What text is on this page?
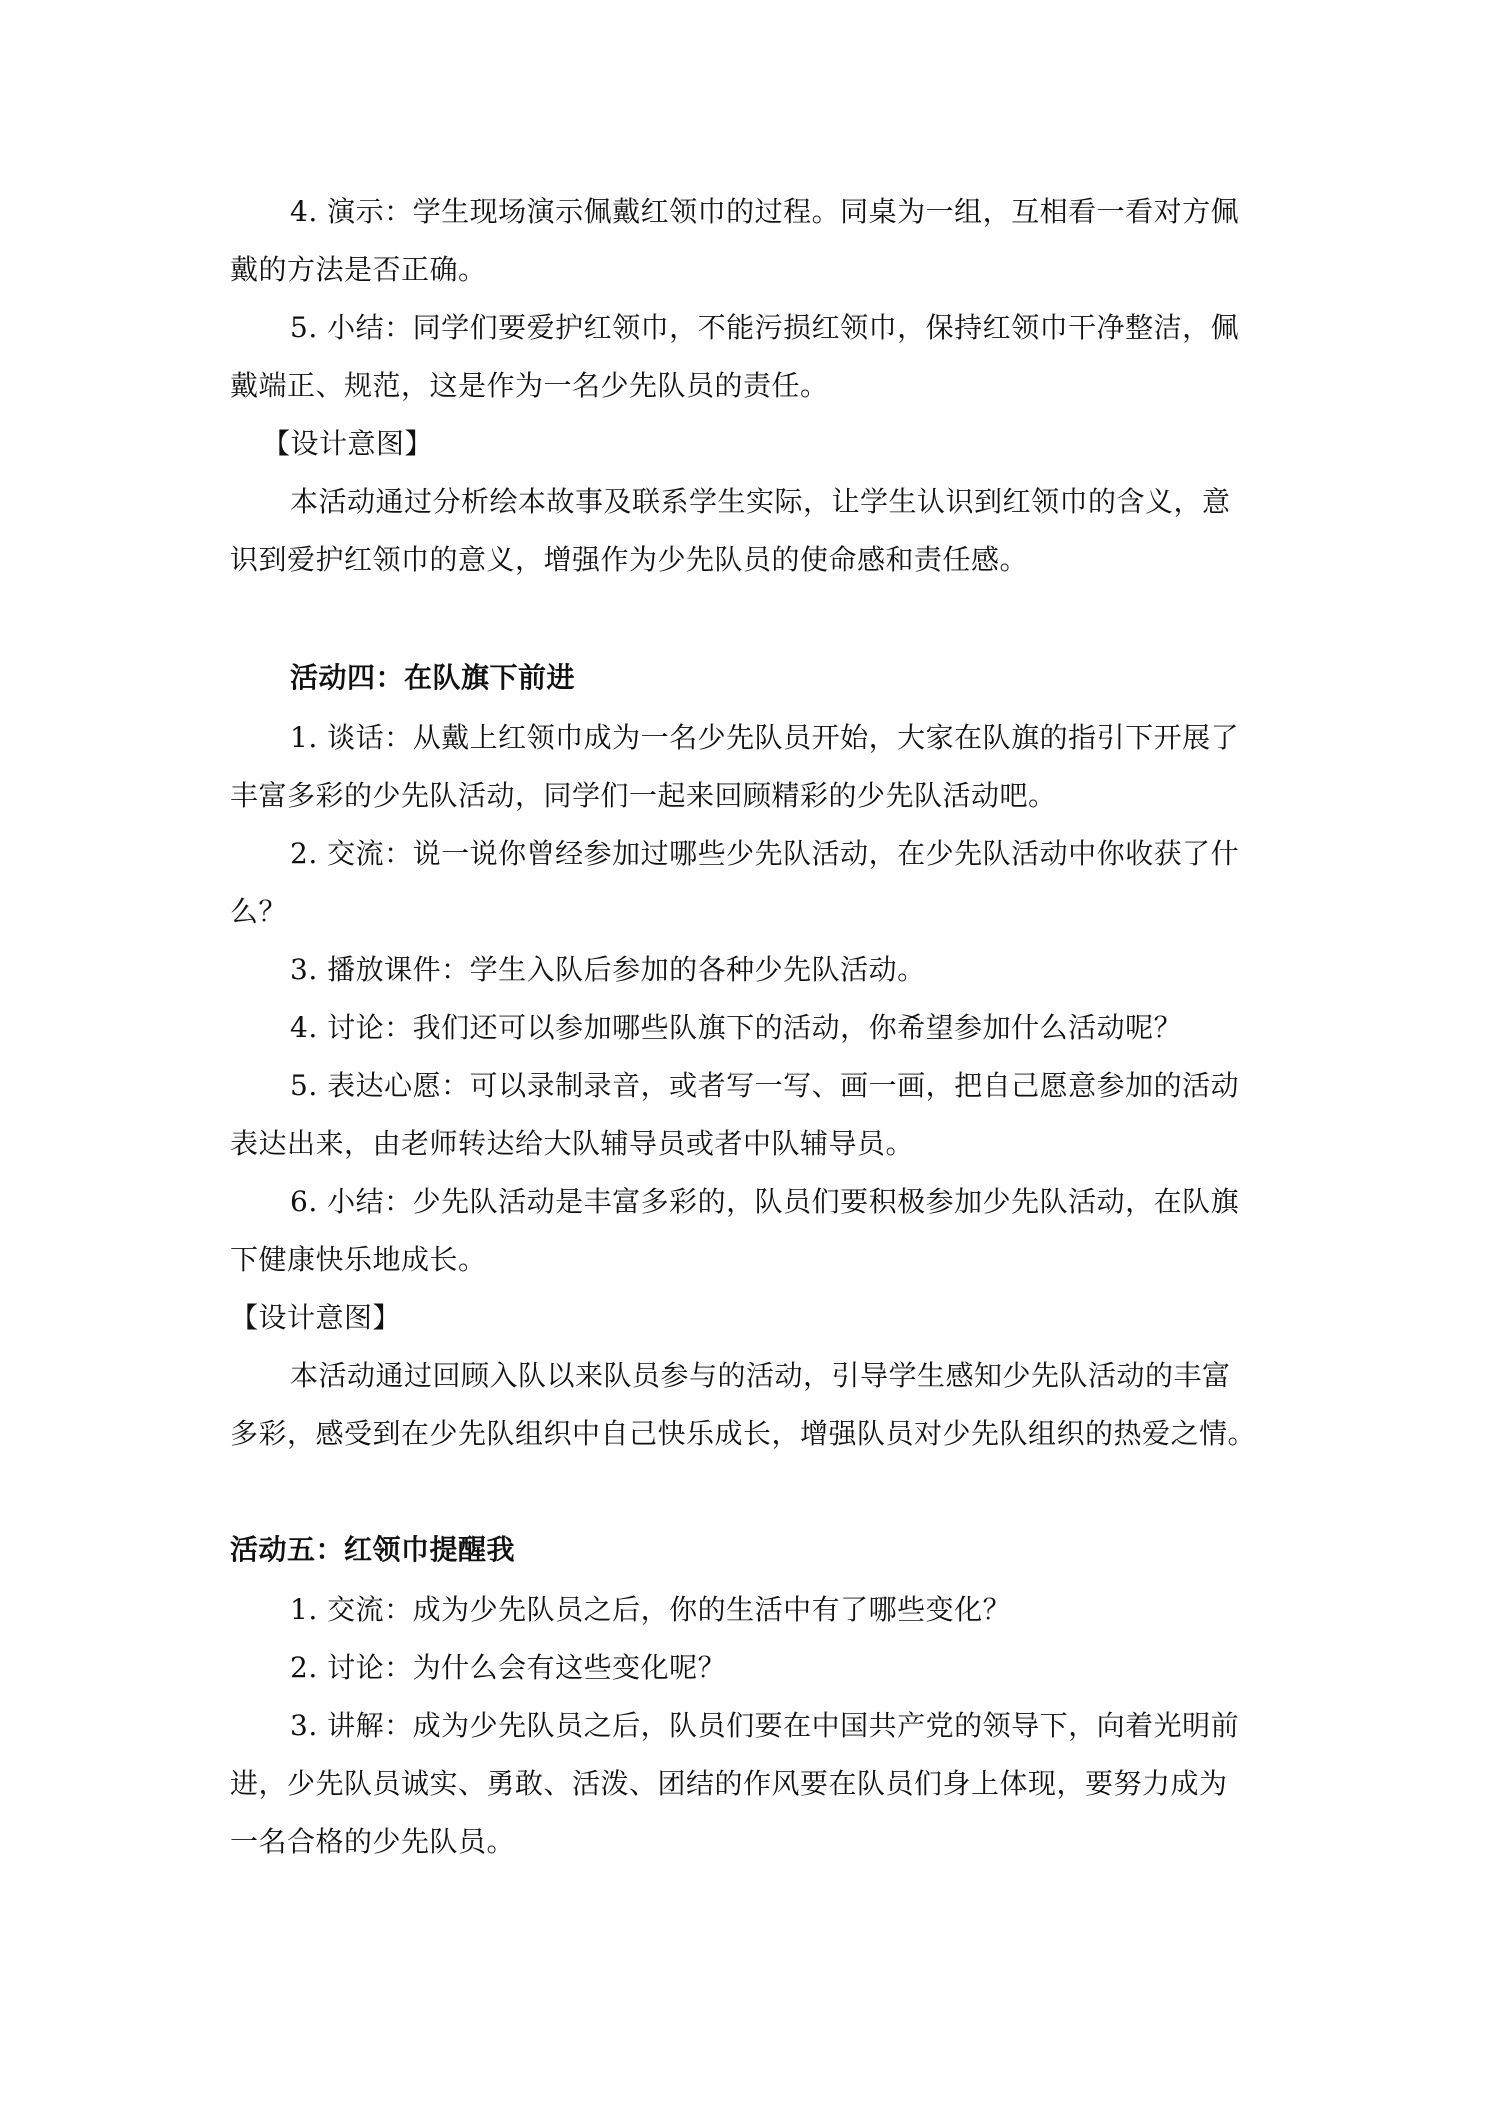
4. 演示：学生现场演示佩戴红领巾的过程。同桌为一组，互相看一看对方佩
戴的方法是否正确。
5. 小结：同学们要爱护红领巾，不能污损红领巾，保持红领巾干净整洁，佩
戴端正、规范，这是作为一名少先队员的责任。
【设计意图】
本活动通过分析绘本故事及联系学生实际，让学生认识到红领巾的含义，意
识到爱护红领巾的意义，增强作为少先队员的使命感和责任感。
活动四：在队旗下前进
1. 谈话：从戴上红领巾成为一名少先队员开始，大家在队旗的指引下开展了
丰富多彩的少先队活动，同学们一起来回顾精彩的少先队活动吧。
2. 交流：说一说你曾经参加过哪些少先队活动，在少先队活动中你收获了什
么？
3. 播放课件：学生入队后参加的各种少先队活动。
4. 讨论：我们还可以参加哪些队旗下的活动，你希望参加什么活动呢？
5. 表达心愿：可以录制录音，或者写一写、画一画，把自己愿意参加的活动
表达出来，由老师转达给大队辅导员或者中队辅导员。
6. 小结：少先队活动是丰富多彩的，队员们要积极参加少先队活动，在队旗
下健康快乐地成长。
【设计意图】
本活动通过回顾入队以来队员参与的活动，引导学生感知少先队活动的丰富
多彩，感受到在少先队组织中自己快乐成长，增强队员对少先队组织的热爱之情。
活动五：红领巾提醒我
1. 交流：成为少先队员之后，你的生活中有了哪些变化？
2. 讨论：为什么会有这些变化呢？
3. 讲解：成为少先队员之后，队员们要在中国共产党的领导下，向着光明前
进，少先队员诚实、勇敢、活泼、团结的作风要在队员们身上体现，要努力成为
一名合格的少先队员。
